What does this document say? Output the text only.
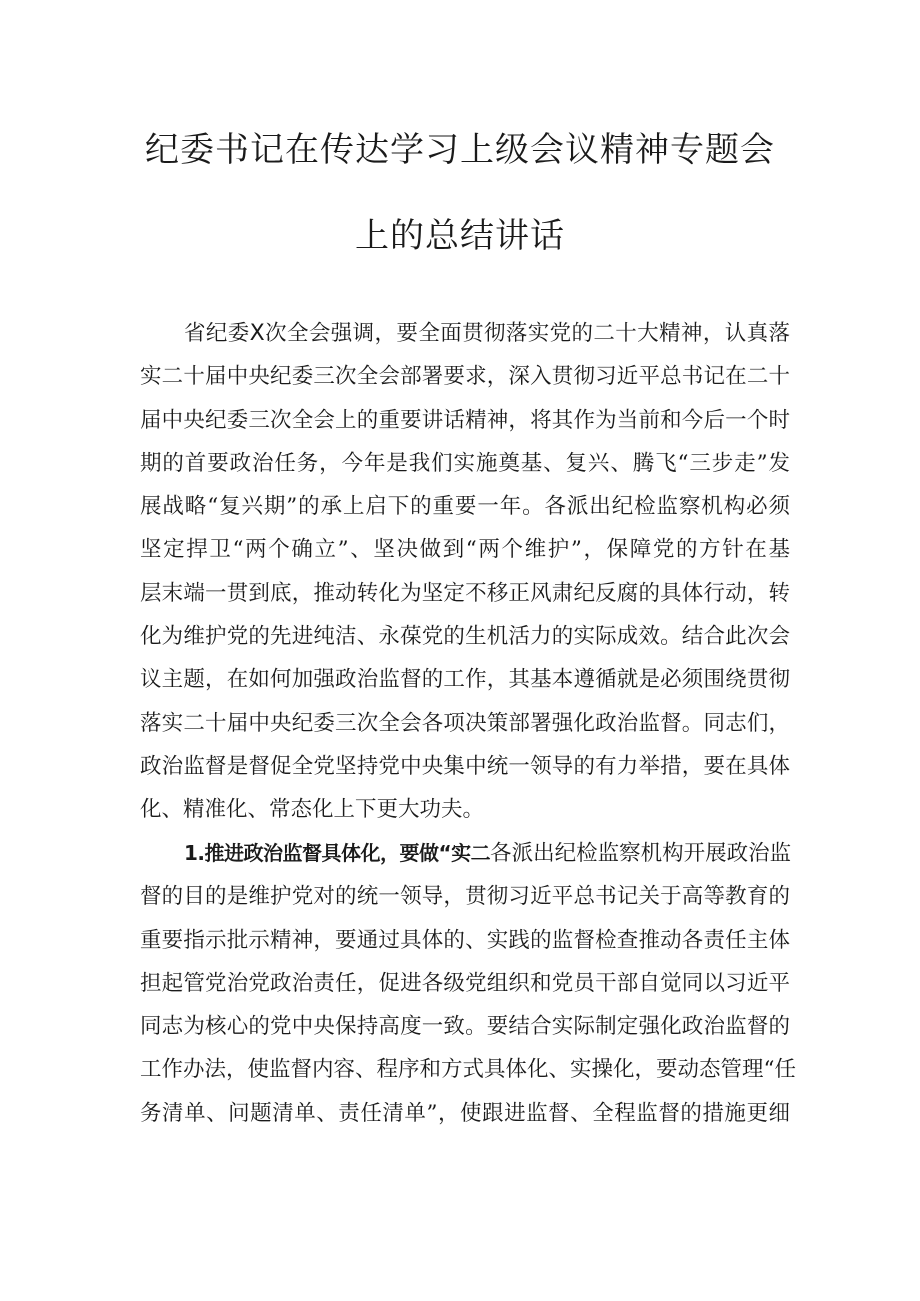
纪委书记在传达学习上级会议精神专题会
上的总结讲话
省纪委X次全会强调，要全面贯彻落实党的二十大精神，认真落
实二十届中央纪委三次全会部署要求，深入贯彻习近平总书记在二十
届中央纪委三次全会上的重要讲话精神，将其作为当前和今后一个时
期的首要政治任务，今年是我们实施奠基、复兴、腾飞“三步走”发
展战略“复兴期”的承上启下的重要一年。各派出纪检监察机构必须
坚定捍卫“两个确立”、坚决做到“两个维护”，保障党的方针在基
层末端一贯到底，推动转化为坚定不移正风肃纪反腐的具体行动，转
化为维护党的先进纯洁、永葆党的生机活力的实际成效。结合此次会
议主题，在如何加强政治监督的工作，其基本遵循就是必须围绕贯彻
落实二十届中央纪委三次全会各项决策部署强化政治监督。同志们，
政治监督是督促全党坚持党中央集中统一领导的有力举措，要在具体
化、精准化、常态化上下更大功夫。
1.推进政治监督具体化，要做“实二各派出纪检监察机构开展政治监
督的目的是维护党对的统一领导，贯彻习近平总书记关于高等教育的
重要指示批示精神，要通过具体的、实践的监督检查推动各责任主体
担起管党治党政治责任，促进各级党组织和党员干部自觉同以习近平
同志为核心的党中央保持高度一致。要结合实际制定强化政治监督的
工作办法，使监督内容、程序和方式具体化、实操化，要动态管理“任
务清单、问题清单、责任清单”，使跟进监督、全程监督的措施更细
